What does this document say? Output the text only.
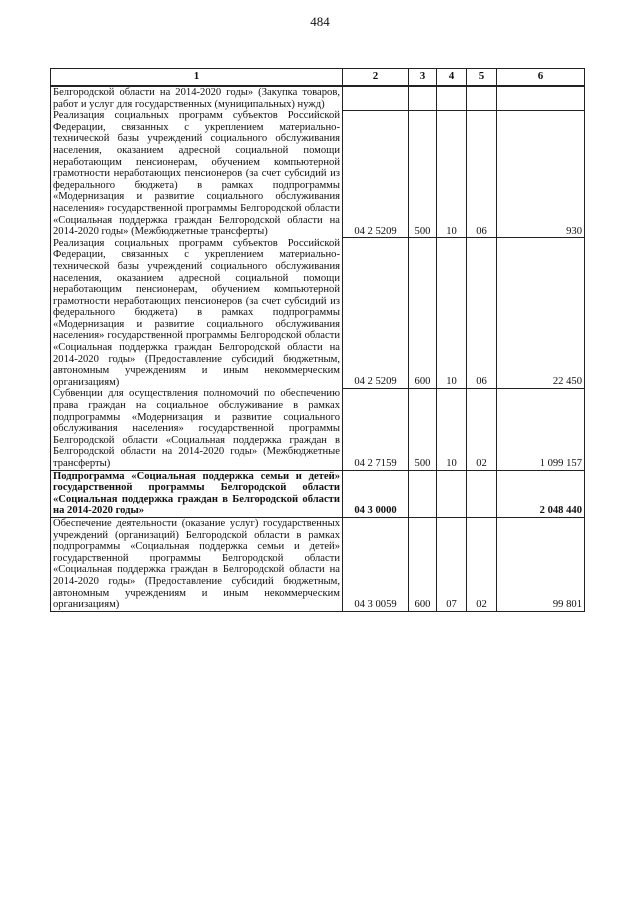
484
1	2	3	4	5	6
Белгородской области на 2014-2020 годы» (Закупка товаров, работ и услуг для государственных (муниципальных) нужд)					
Реализация социальных программ субъектов Российской Федерации, связанных с укреплением материально-технической базы учреждений социального обслуживания населения, оказанием адресной социальной помощи неработающим пенсионерам, обучением компьютерной грамотности неработающих пенсионеров (за счет субсидий из федерального бюджета) в рамках подпрограммы «Модернизация и развитие социального обслуживания населения» государственной программы Белгородской области «Социальная поддержка граждан Белгородской области на 2014-2020 годы» (Межбюджетные трансферты)	04 2 5209	500	10	06	930
Реализация социальных программ субъектов Российской Федерации, связанных с укреплением материально-технической базы учреждений социального обслуживания населения, оказанием адресной социальной помощи неработающим пенсионерам, обучением компьютерной грамотности неработающих пенсионеров (за счет субсидий из федерального бюджета) в рамках подпрограммы «Модернизация и развитие социального обслуживания населения» государственной программы Белгородской области «Социальная поддержка граждан Белгородской области на 2014-2020 годы» (Предоставление субсидий бюджетным, автономным учреждениям и иным некоммерческим организациям)	04 2 5209	600	10	06	22 450
Субвенции для осуществления полномочий по обеспечению права граждан на социальное обслуживание в рамках подпрограммы «Модернизация и развитие социального обслуживания населения» государственной программы Белгородской области «Социальная поддержка граждан в Белгородской области на 2014-2020 годы» (Межбюджетные трансферты)	04 2 7159	500	10	02	1 099 157
Подпрограмма «Социальная поддержка семьи и детей» государственной программы Белгородской области «Социальная поддержка граждан в Белгородской области на 2014-2020 годы»	04 3 0000				2 048 440
Обеспечение деятельности (оказание услуг) государственных учреждений (организаций) Белгородской области в рамках подпрограммы «Социальная поддержка семьи и детей» государственной программы Белгородской области «Социальная поддержка граждан в Белгородской области на 2014-2020 годы» (Предоставление субсидий бюджетным, автономным учреждениям и иным некоммерческим организациям)	04 3 0059	600	07	02	99 801
